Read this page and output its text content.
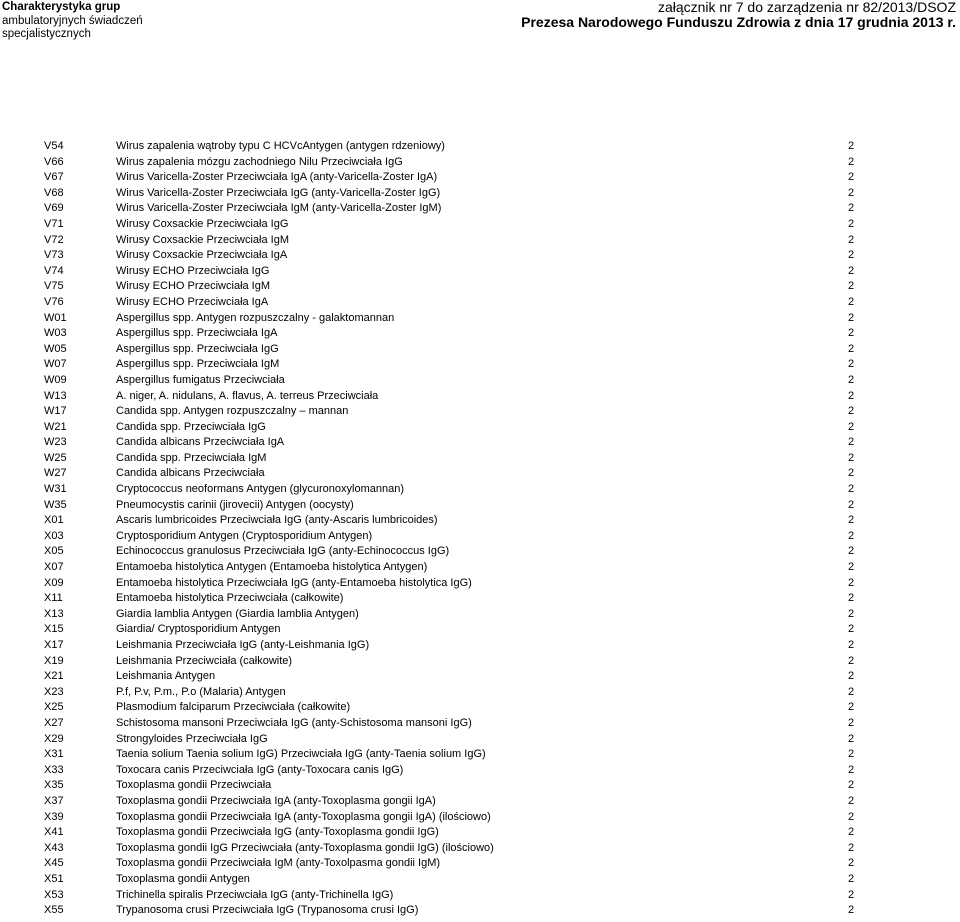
Charakterystyka grup
ambulatoryjnych świadczeń
specjalistycznych
załącznik nr 7 do zarządzenia nr 82/2013/DSOZ
Prezesa Narodowego Funduszu Zdrowia z dnia 17 grudnia 2013 r.
V54	Wirus zapalenia wątroby typu C HCVcAntygen (antygen rdzeniowy)	2
V66	Wirus zapalenia mózgu zachodniego Nilu Przeciwciała IgG	2
V67	Wirus Varicella-Zoster Przeciwciała IgA (anty-Varicella-Zoster IgA)	2
V68	Wirus Varicella-Zoster Przeciwciała IgG (anty-Varicella-Zoster IgG)	2
V69	Wirus Varicella-Zoster Przeciwciała IgM (anty-Varicella-Zoster IgM)	2
V71	Wirusy Coxsackie Przeciwciała IgG	2
V72	Wirusy Coxsackie Przeciwciała IgM	2
V73	Wirusy Coxsackie Przeciwciała IgA	2
V74	Wirusy ECHO Przeciwciała IgG	2
V75	Wirusy ECHO Przeciwciała IgM	2
V76	Wirusy ECHO Przeciwciała IgA	2
W01	Aspergillus spp. Antygen rozpuszczalny - galaktomannan	2
W03	Aspergillus spp. Przeciwciała IgA	2
W05	Aspergillus spp. Przeciwciała IgG	2
W07	Aspergillus spp. Przeciwciała IgM	2
W09	Aspergillus fumigatus Przeciwciała	2
W13	A. niger, A. nidulans, A. flavus, A. terreus Przeciwciała	2
W17	Candida spp. Antygen rozpuszczalny – mannan	2
W21	Candida spp. Przeciwciała IgG	2
W23	Candida albicans Przeciwciała IgA	2
W25	Candida spp. Przeciwciała IgM	2
W27	Candida albicans Przeciwciała	2
W31	Cryptococcus neoformans Antygen (glycuronoxylomannan)	2
W35	Pneumocystis carinii (jirovecii) Antygen (oocysty)	2
X01	Ascaris lumbricoides Przeciwciała IgG (anty-Ascaris lumbricoides)	2
X03	Cryptosporidium Antygen (Cryptosporidium Antygen)	2
X05	Echinococcus granulosus Przeciwciała IgG (anty-Echinococcus IgG)	2
X07	Entamoeba histolytica Antygen (Entamoeba histolytica Antygen)	2
X09	Entamoeba histolytica Przeciwciała IgG (anty-Entamoeba histolytica IgG)	2
X11	Entamoeba histolytica Przeciwciała (całkowite)	2
X13	Giardia lamblia Antygen (Giardia lamblia Antygen)	2
X15	Giardia/ Cryptosporidium Antygen	2
X17	Leishmania Przeciwciała IgG (anty-Leishmania IgG)	2
X19	Leishmania Przeciwciała (całkowite)	2
X21	Leishmania Antygen	2
X23	P.f, P.v, P.m., P.o (Malaria) Antygen	2
X25	Plasmodium falciparum Przeciwciała (całkowite)	2
X27	Schistosoma mansoni Przeciwciała IgG (anty-Schistosoma mansoni IgG)	2
X29	Strongyloides Przeciwciała IgG	2
X31	Taenia solium Taenia solium IgG) Przeciwciała IgG (anty-Taenia solium IgG)	2
X33	Toxocara canis Przeciwciała IgG (anty-Toxocara canis IgG)	2
X35	Toxoplasma gondii Przeciwciała	2
X37	Toxoplasma gondii Przeciwciała IgA (anty-Toxoplasma gongii IgA)	2
X39	Toxoplasma gondii Przeciwciała IgA (anty-Toxoplasma gongii IgA) (ilościowo)	2
X41	Toxoplasma gondii Przeciwciała IgG (anty-Toxoplasma gondii IgG)	2
X43	Toxoplasma gondii IgG Przeciwciała (anty-Toxoplasma gondii IgG) (ilościowo)	2
X45	Toxoplasma gondii Przeciwciała IgM (anty-Toxolpasma gondii IgM)	2
X51	Toxoplasma gondii Antygen	2
X53	Trichinella spiralis Przeciwciała IgG (anty-Trichinella IgG)	2
X55	Trypanosoma crusi Przeciwciała IgG (Trypanosoma crusi IgG)	2
